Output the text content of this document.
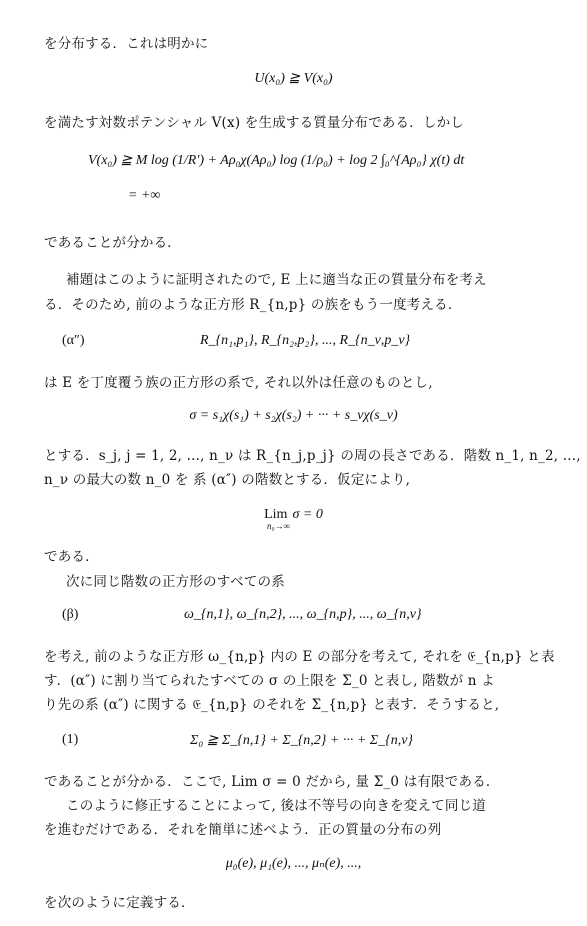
を分布する．これは明かに
U(x₀) ≧ V(x₀)
を満たす対数ポテンシャル V(x) を生成する質量分布である．しかし
V(x₀) ≧ M log (1/R′) + Aρ₀χ(Aρ₀) log (1/ρ₀) + log 2 ∫₀^{Aρ₀} χ(t) dt
= +∞
であることが分かる．
補題はこのように証明されたので, E 上に適当な正の質量分布を考え
る．そのため, 前のような正方形 R_{n,p} の族をもう一度考える．
(α″)	R_{n₁,p₁}, R_{n₂,p₂}, ..., R_{n_ν,p_ν}
は E を丁度覆う族の正方形の系で, それ以外は任意のものとし,
σ = s₁χ(s₁) + s₂χ(s₂) + ··· + s_νχ(s_ν)
とする．s_j, j = 1, 2, ..., n_ν は R_{n_j,p_j} の周の長さである．階数 n_1, n_2, ...,
n_ν の最大の数 n_0 を 系 (α″) の階数とする．仮定により,
Lim σ = 0
n₀→∞
である．
次に同じ階数の正方形のすべての系
(β)	ω_{n,1}, ω_{n,2}, ..., ω_{n,p}, ..., ω_{n,ν}
を考え, 前のような正方形 ω_{n,p} 内の E の部分を考えて, それを 𝔈_{n,p} と表
す．(α″) に割り当てられたすべての σ の上限を Σ_0 と表し, 階数が n よ
り先の系 (α″) に関する 𝔈_{n,p} のそれを Σ_{n,p} と表す．そうすると,
(1)	Σ₀ ≧ Σ_{n,1} + Σ_{n,2} + ··· + Σ_{n,ν}
であることが分かる．ここで, Lim σ = 0 だから, 量 Σ_0 は有限である．
このように修正することによって, 後は不等号の向きを変えて同じ道
を進むだけである．それを簡単に述べよう．正の質量の分布の列
μ₀(e), μ₁(e), ..., μₙ(e), ...,
を次のように定義する．
